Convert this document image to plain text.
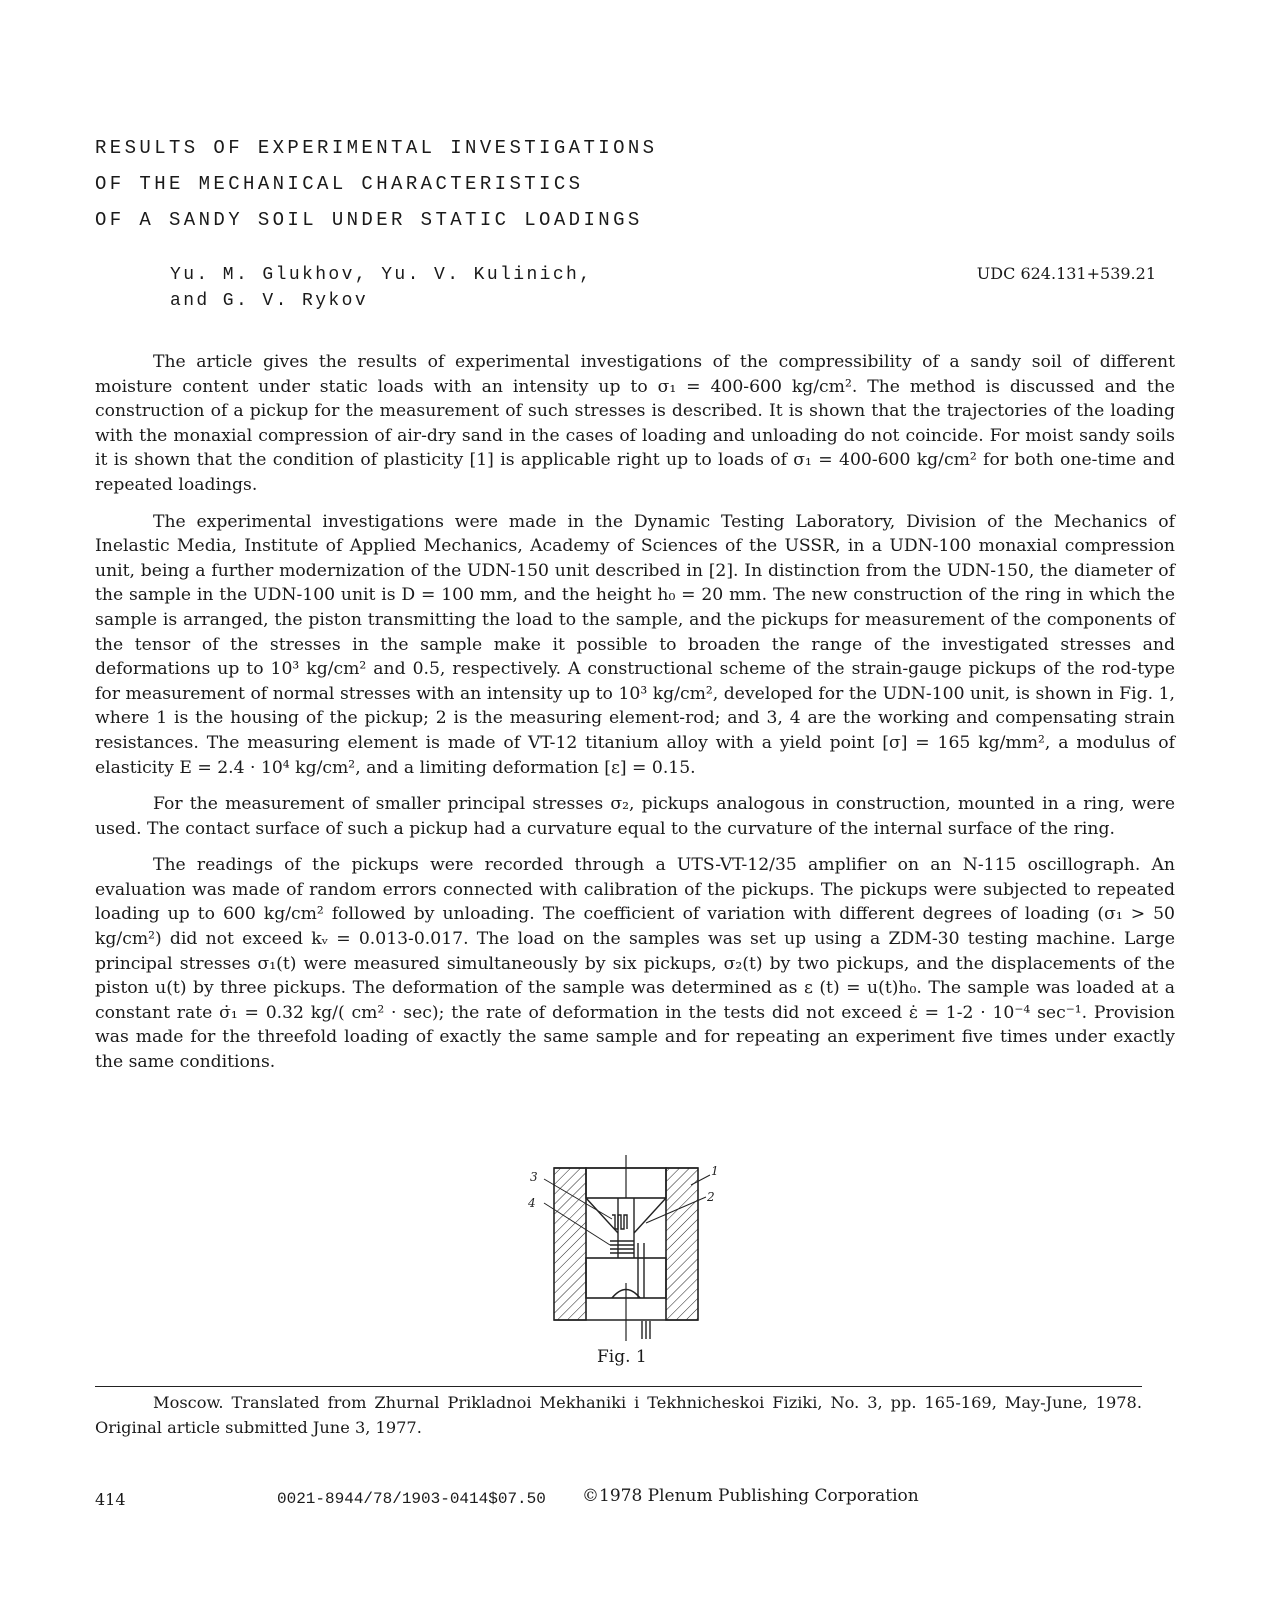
RESULTS OF EXPERIMENTAL INVESTIGATIONS
OF THE MECHANICAL CHARACTERISTICS
OF A SANDY SOIL UNDER STATIC LOADINGS
Yu. M. Glukhov, Yu. V. Kulinich,
and G. V. Rykov
UDC 624.131+539.21

The article gives the results of experimental investigations of the compressibility of a sandy soil of different moisture content under static loads with an intensity up to σ₁ = 400-600 kg/cm². The method is discussed and the construction of a pickup for the measurement of such stresses is described. It is shown that the trajectories of the loading with the monaxial compression of air-dry sand in the cases of loading and unloading do not coincide. For moist sandy soils it is shown that the condition of plasticity [1] is applicable right up to loads of σ₁ = 400-600 kg/cm² for both one-time and repeated loadings.

The experimental investigations were made in the Dynamic Testing Laboratory, Division of the Mechanics of Inelastic Media, Institute of Applied Mechanics, Academy of Sciences of the USSR, in a UDN-100 monaxial compression unit, being a further modernization of the UDN-150 unit described in [2]. In distinction from the UDN-150, the diameter of the sample in the UDN-100 unit is D = 100 mm, and the height h₀ = 20 mm. The new construction of the ring in which the sample is arranged, the piston transmitting the load to the sample, and the pickups for measurement of the components of the tensor of the stresses in the sample make it possible to broaden the range of the investigated stresses and deformations up to 10³ kg/cm² and 0.5, respectively. A constructional scheme of the strain-gauge pickups of the rod-type for measurement of normal stresses with an intensity up to 10³ kg/cm², developed for the UDN-100 unit, is shown in Fig. 1, where 1 is the housing of the pickup; 2 is the measuring element-rod; and 3, 4 are the working and compensating strain resistances. The measuring element is made of VT-12 titanium alloy with a yield point [σ] = 165 kg/mm², a modulus of elasticity E = 2.4 · 10⁴ kg/cm², and a limiting deformation [ε] = 0.15.

For the measurement of smaller principal stresses σ₂, pickups analogous in construction, mounted in a ring, were used. The contact surface of such a pickup had a curvature equal to the curvature of the internal surface of the ring.

The readings of the pickups were recorded through a UTS-VT-12/35 amplifier on an N-115 oscillograph. An evaluation was made of random errors connected with calibration of the pickups. The pickups were subjected to repeated loading up to 600 kg/cm² followed by unloading. The coefficient of variation with different degrees of loading (σ₁ > 50 kg/cm²) did not exceed kᵥ = 0.013-0.017. The load on the samples was set up using a ZDM-30 testing machine. Large principal stresses σ₁(t) were measured simultaneously by six pickups, σ₂(t) by two pickups, and the displacements of the piston u(t) by three pickups. The deformation of the sample was determined as ε (t) = u(t)h₀. The sample was loaded at a constant rate σ̇₁ = 0.32 kg/( cm² · sec); the rate of deformation in the tests did not exceed ε̇ = 1-2 · 10⁻⁴ sec⁻¹. Provision was made for the threefold loading of exactly the same sample and for repeating an experiment five times under exactly the same conditions.

3
4
1
2
Fig. 1

Moscow. Translated from Zhurnal Prikladnoi Mekhaniki i Tekhnicheskoi Fiziki, No. 3, pp. 165-169, May-June, 1978. Original article submitted June 3, 1977.

414	0021-8944/78/1903-0414$07.50 ©1978 Plenum Publishing Corporation
